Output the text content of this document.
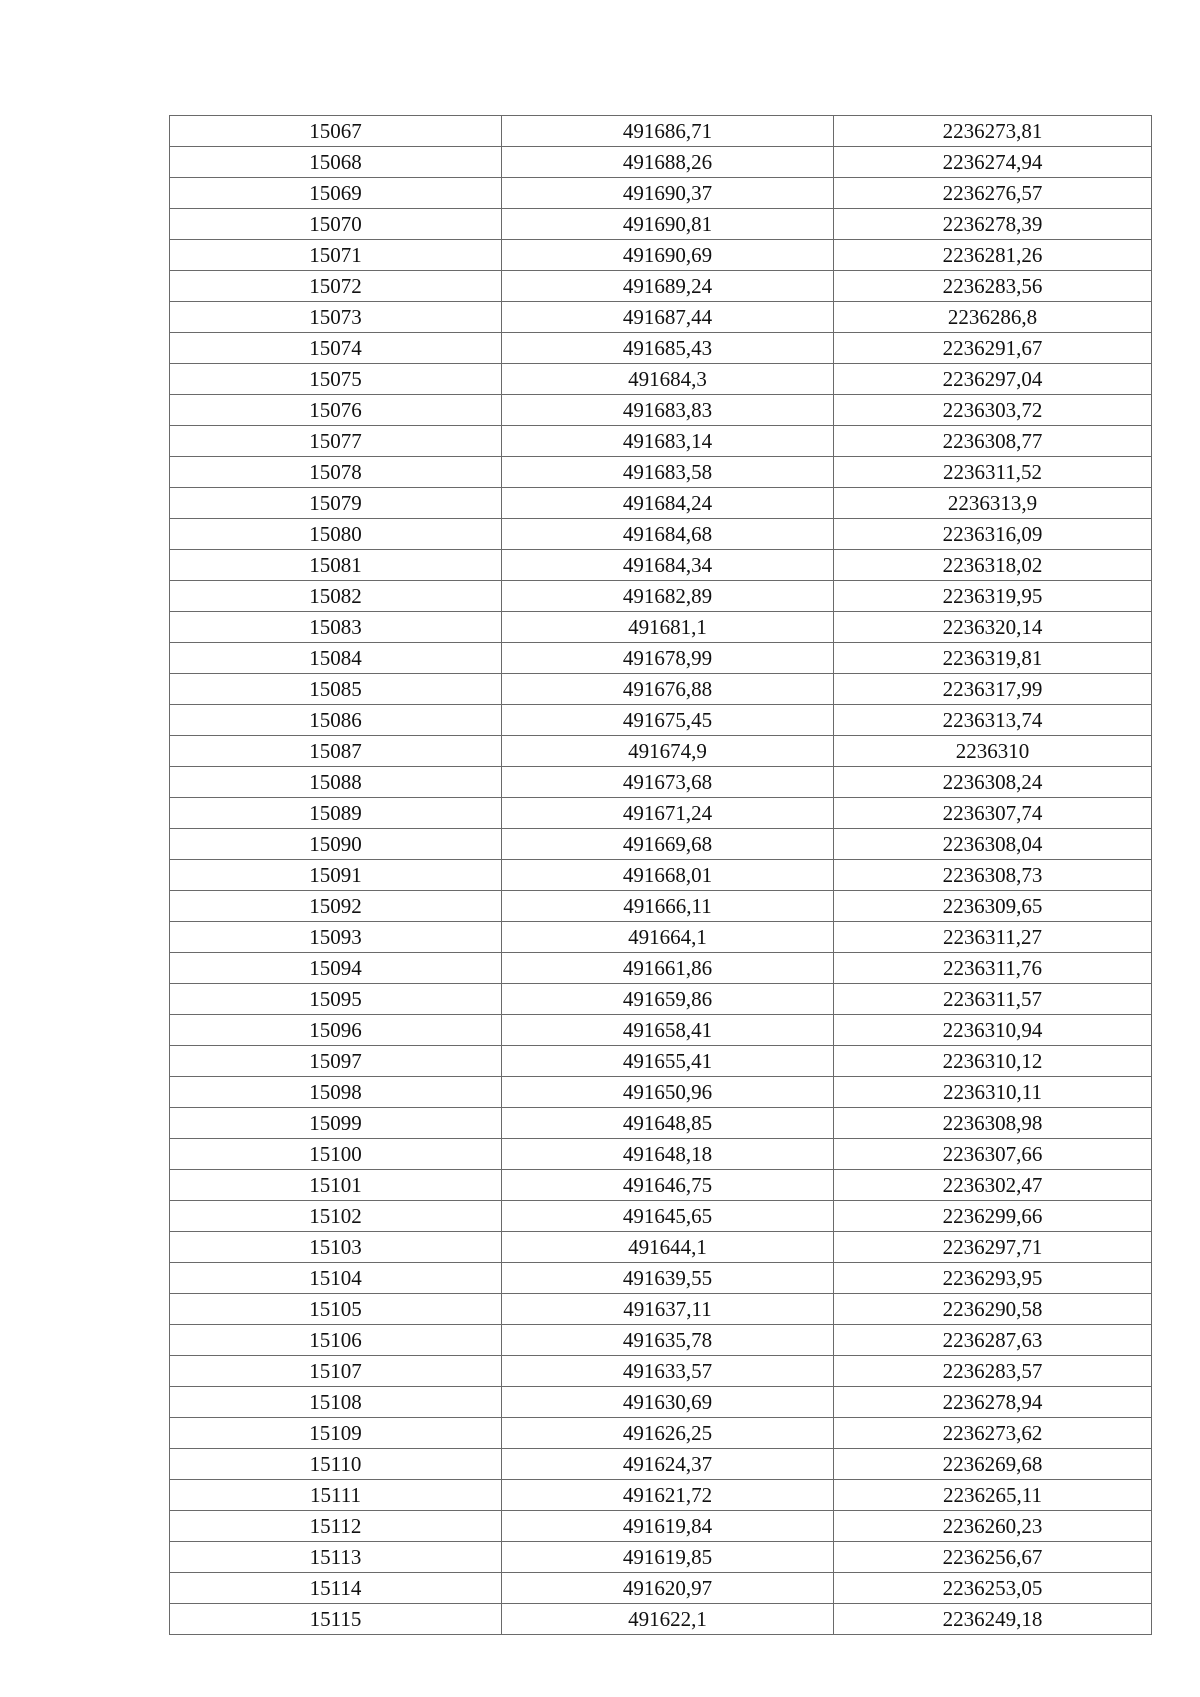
15067	491686,71	2236273,81
15068	491688,26	2236274,94
15069	491690,37	2236276,57
15070	491690,81	2236278,39
15071	491690,69	2236281,26
15072	491689,24	2236283,56
15073	491687,44	2236286,8
15074	491685,43	2236291,67
15075	491684,3	2236297,04
15076	491683,83	2236303,72
15077	491683,14	2236308,77
15078	491683,58	2236311,52
15079	491684,24	2236313,9
15080	491684,68	2236316,09
15081	491684,34	2236318,02
15082	491682,89	2236319,95
15083	491681,1	2236320,14
15084	491678,99	2236319,81
15085	491676,88	2236317,99
15086	491675,45	2236313,74
15087	491674,9	2236310
15088	491673,68	2236308,24
15089	491671,24	2236307,74
15090	491669,68	2236308,04
15091	491668,01	2236308,73
15092	491666,11	2236309,65
15093	491664,1	2236311,27
15094	491661,86	2236311,76
15095	491659,86	2236311,57
15096	491658,41	2236310,94
15097	491655,41	2236310,12
15098	491650,96	2236310,11
15099	491648,85	2236308,98
15100	491648,18	2236307,66
15101	491646,75	2236302,47
15102	491645,65	2236299,66
15103	491644,1	2236297,71
15104	491639,55	2236293,95
15105	491637,11	2236290,58
15106	491635,78	2236287,63
15107	491633,57	2236283,57
15108	491630,69	2236278,94
15109	491626,25	2236273,62
15110	491624,37	2236269,68
15111	491621,72	2236265,11
15112	491619,84	2236260,23
15113	491619,85	2236256,67
15114	491620,97	2236253,05
15115	491622,1	2236249,18
